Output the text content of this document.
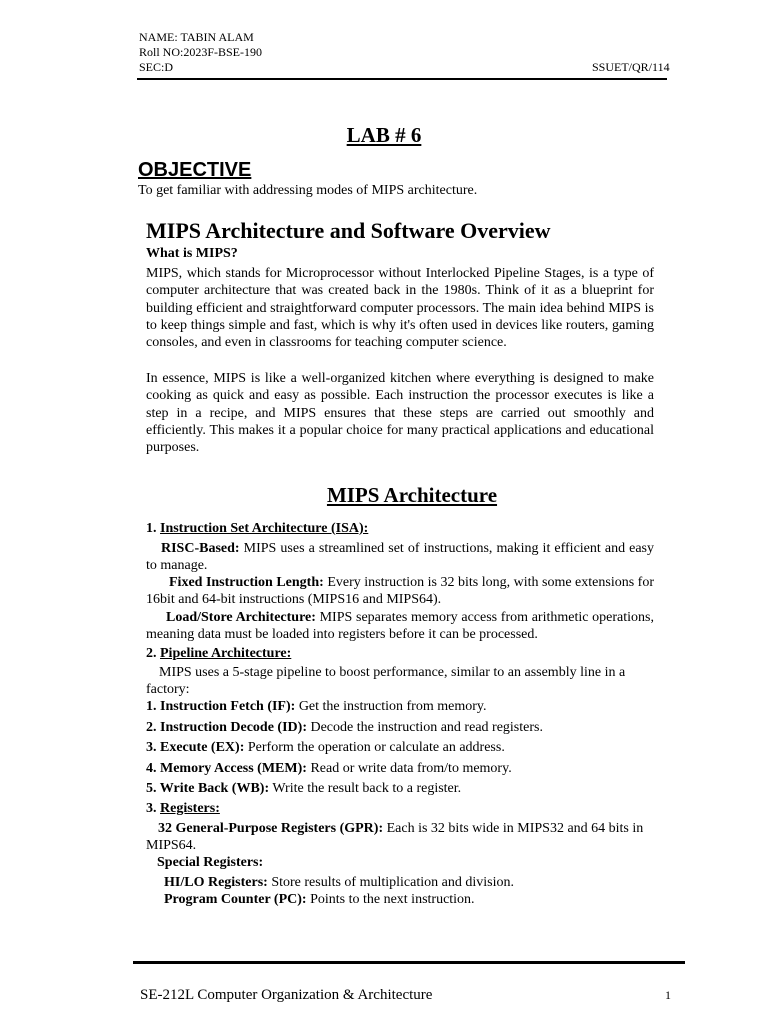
NAME: TABIN ALAM
Roll NO:2023F-BSE-190
SEC:D	SSUET/QR/114
LAB # 6
OBJECTIVE
To get familiar with addressing modes of MIPS architecture.
MIPS Architecture and Software Overview
What is MIPS?
MIPS, which stands for Microprocessor without Interlocked Pipeline Stages, is a type of computer architecture that was created back in the 1980s. Think of it as a blueprint for building efficient and straightforward computer processors. The main idea behind MIPS is to keep things simple and fast, which is why it's often used in devices like routers, gaming consoles, and even in classrooms for teaching computer science.
In essence, MIPS is like a well-organized kitchen where everything is designed to make cooking as quick and easy as possible. Each instruction the processor executes is like a step in a recipe, and MIPS ensures that these steps are carried out smoothly and efficiently. This makes it a popular choice for many practical applications and educational purposes.
MIPS Architecture
1. Instruction Set Architecture (ISA):
RISC-Based: MIPS uses a streamlined set of instructions, making it efficient and easy to manage.
Fixed Instruction Length: Every instruction is 32 bits long, with some extensions for 16bit and 64-bit instructions (MIPS16 and MIPS64).
Load/Store Architecture: MIPS separates memory access from arithmetic operations, meaning data must be loaded into registers before it can be processed.
2. Pipeline Architecture:
MIPS uses a 5-stage pipeline to boost performance, similar to an assembly line in a factory:
1. Instruction Fetch (IF): Get the instruction from memory.
2. Instruction Decode (ID): Decode the instruction and read registers.
3. Execute (EX): Perform the operation or calculate an address.
4. Memory Access (MEM): Read or write data from/to memory.
5. Write Back (WB): Write the result back to a register.
3. Registers:
32 General-Purpose Registers (GPR): Each is 32 bits wide in MIPS32 and 64 bits in MIPS64.
Special Registers:
HI/LO Registers: Store results of multiplication and division.
Program Counter (PC): Points to the next instruction.
SE-212L Computer Organization & Architecture	1
